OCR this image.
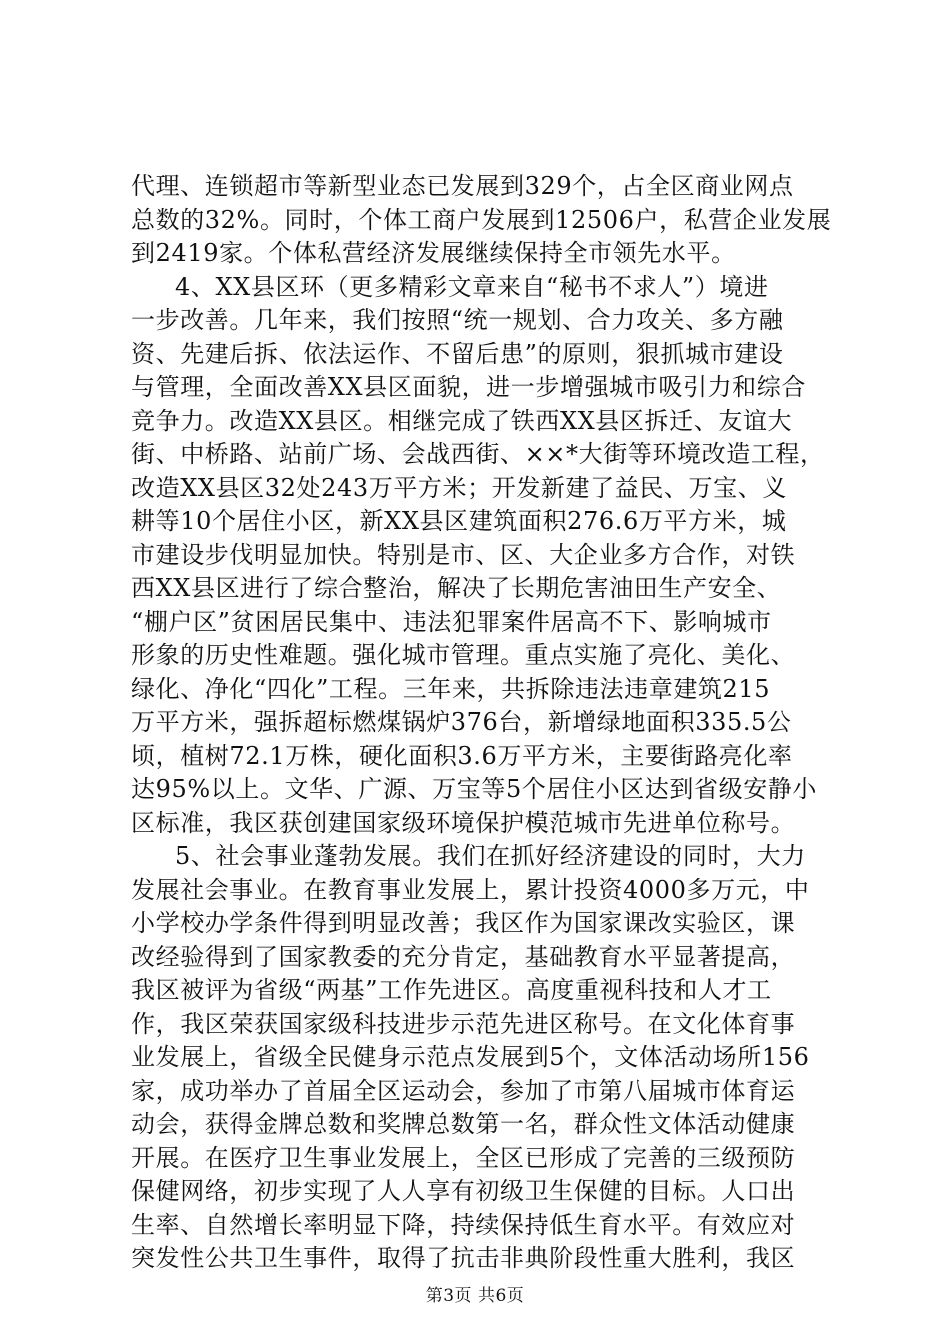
代理、连锁超市等新型业态已发展到329个，占全区商业网点
总数的32%。同时，个体工商户发展到12506户，私营企业发展
到2419家。个体私营经济发展继续保持全市领先水平。
4、XX县区环（更多精彩文章来自“秘书不求人”）境进
一步改善。几年来，我们按照“统一规划、合力攻关、多方融
资、先建后拆、依法运作、不留后患”的原则，狠抓城市建设
与管理，全面改善XX县区面貌，进一步增强城市吸引力和综合
竞争力。改造XX县区。相继完成了铁西XX县区拆迁、友谊大
街、中桥路、站前广场、会战西街、××*大街等环境改造工程，
改造XX县区32处243万平方米；开发新建了益民、万宝、义
耕等10个居住小区，新XX县区建筑面积276.6万平方米，城
市建设步伐明显加快。特别是市、区、大企业多方合作，对铁
西XX县区进行了综合整治，解决了长期危害油田生产安全、
“棚户区”贫困居民集中、违法犯罪案件居高不下、影响城市
形象的历史性难题。强化城市管理。重点实施了亮化、美化、
绿化、净化“四化”工程。三年来，共拆除违法违章建筑215
万平方米，强拆超标燃煤锅炉376台，新增绿地面积335.5公
顷，植树72.1万株，硬化面积3.6万平方米，主要街路亮化率
达95%以上。文华、广源、万宝等5个居住小区达到省级安静小
区标准，我区获创建国家级环境保护模范城市先进单位称号。
5、社会事业蓬勃发展。我们在抓好经济建设的同时，大力
发展社会事业。在教育事业发展上，累计投资4000多万元，中
小学校办学条件得到明显改善；我区作为国家课改实验区，课
改经验得到了国家教委的充分肯定，基础教育水平显著提高，
我区被评为省级“两基”工作先进区。高度重视科技和人才工
作，我区荣获国家级科技进步示范先进区称号。在文化体育事
业发展上，省级全民健身示范点发展到5个，文体活动场所156
家，成功举办了首届全区运动会，参加了市第八届城市体育运
动会，获得金牌总数和奖牌总数第一名，群众性文体活动健康
开展。在医疗卫生事业发展上，全区已形成了完善的三级预防
保健网络，初步实现了人人享有初级卫生保健的目标。人口出
生率、自然增长率明显下降，持续保持低生育水平。有效应对
突发性公共卫生事件，取得了抗击非典阶段性重大胜利，我区
第3页 共6页
